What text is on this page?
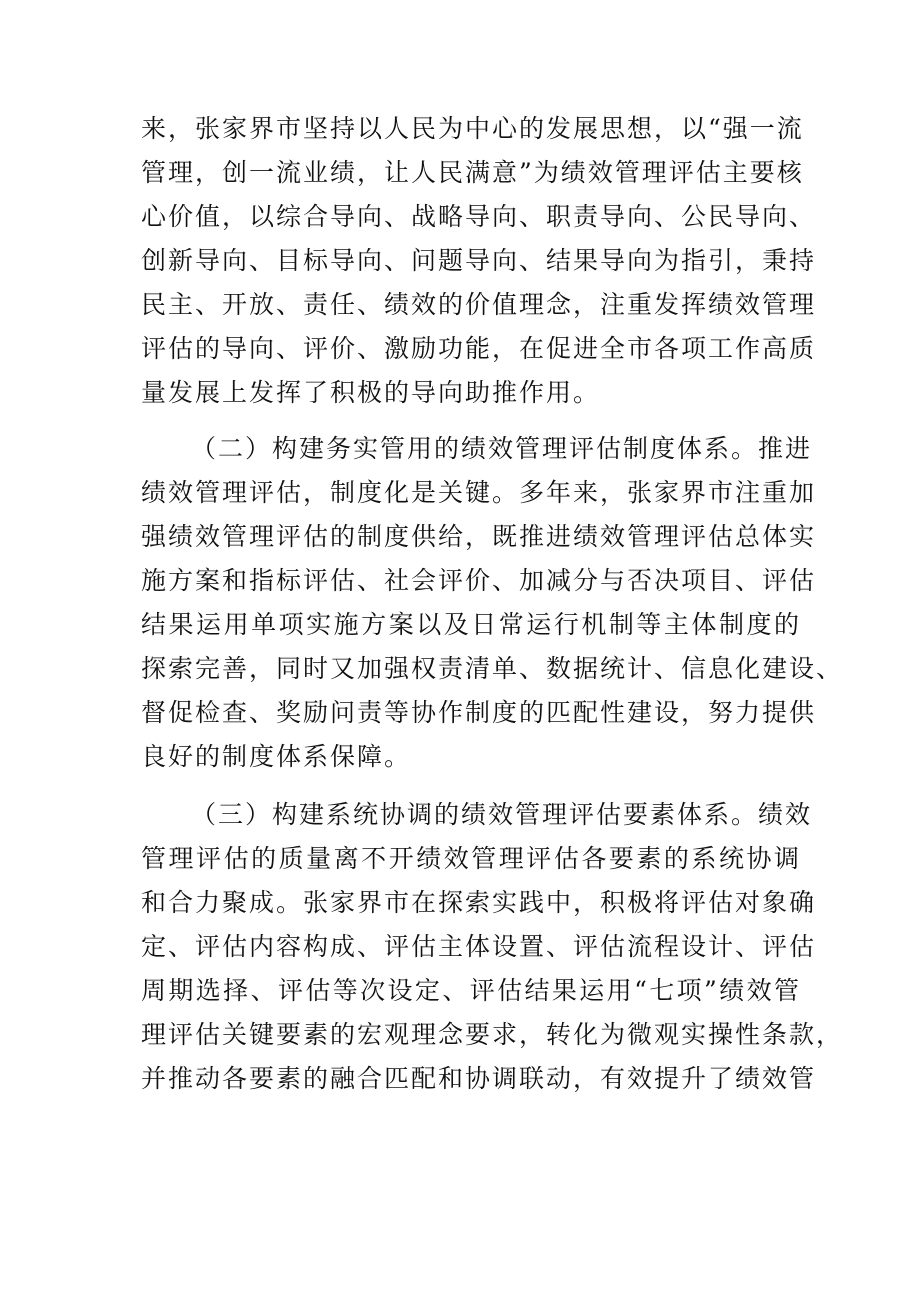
来，张家界市坚持以人民为中心的发展思想，以“强一流
管理，创一流业绩，让人民满意”为绩效管理评估主要核
心价值，以综合导向、战略导向、职责导向、公民导向、
创新导向、目标导向、问题导向、结果导向为指引，秉持
民主、开放、责任、绩效的价值理念，注重发挥绩效管理
评估的导向、评价、激励功能，在促进全市各项工作高质
量发展上发挥了积极的导向助推作用。
（二）构建务实管用的绩效管理评估制度体系。推进
绩效管理评估，制度化是关键。多年来，张家界市注重加
强绩效管理评估的制度供给，既推进绩效管理评估总体实
施方案和指标评估、社会评价、加减分与否决项目、评估
结果运用单项实施方案以及日常运行机制等主体制度的
探索完善，同时又加强权责清单、数据统计、信息化建设、
督促检查、奖励问责等协作制度的匹配性建设，努力提供
良好的制度体系保障。
（三）构建系统协调的绩效管理评估要素体系。绩效
管理评估的质量离不开绩效管理评估各要素的系统协调
和合力聚成。张家界市在探索实践中，积极将评估对象确
定、评估内容构成、评估主体设置、评估流程设计、评估
周期选择、评估等次设定、评估结果运用“七项”绩效管
理评估关键要素的宏观理念要求，转化为微观实操性条款，
并推动各要素的融合匹配和协调联动，有效提升了绩效管
